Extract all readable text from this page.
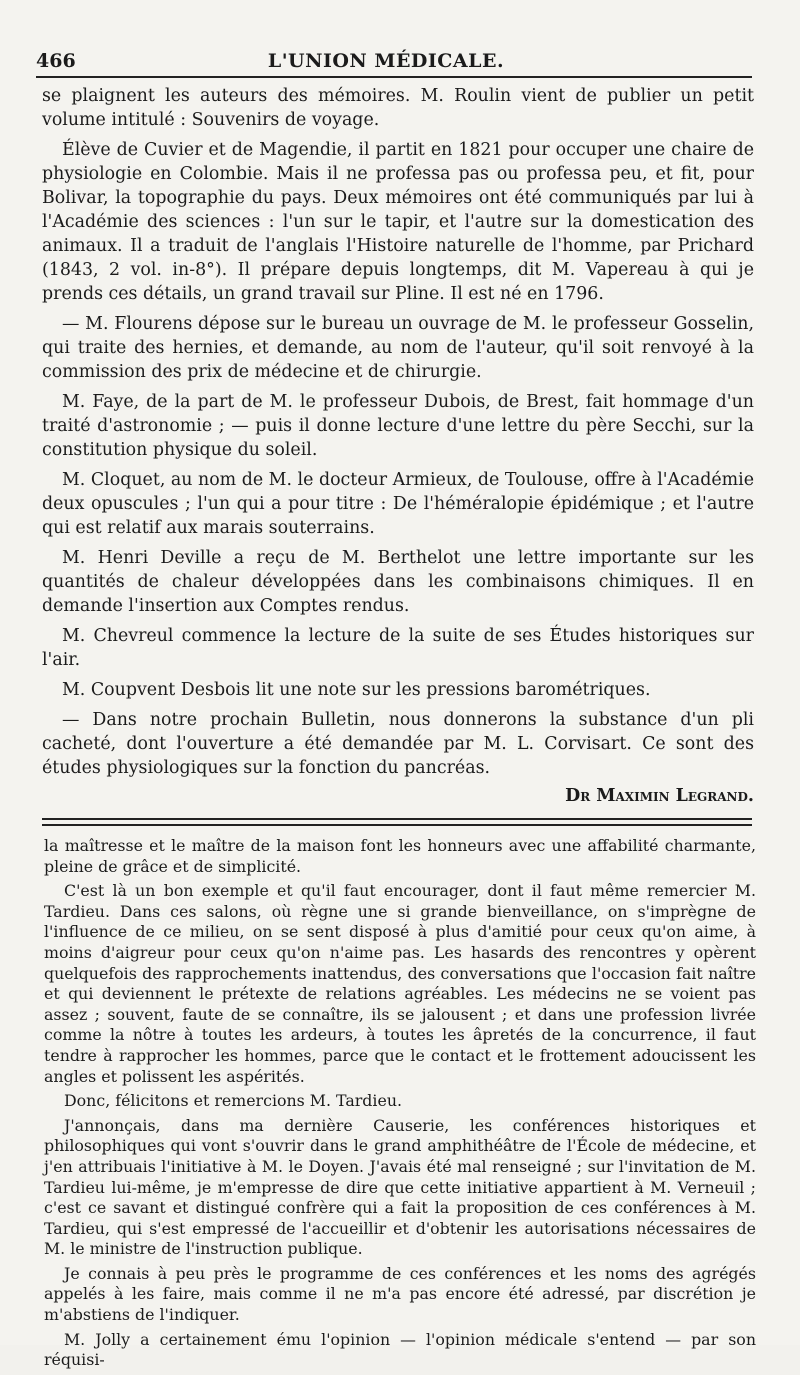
466	L'UNION MÉDICALE.

se plaignent les auteurs des mémoires. M. Roulin vient de publier un petit volume intitulé : Souvenirs de voyage.

Élève de Cuvier et de Magendie, il partit en 1821 pour occuper une chaire de physiologie en Colombie. Mais il ne professa pas ou professa peu, et fit, pour Bolivar, la topographie du pays. Deux mémoires ont été communiqués par lui à l'Académie des sciences : l'un sur le tapir, et l'autre sur la domestication des animaux. Il a traduit de l'anglais l'Histoire naturelle de l'homme, par Prichard (1843, 2 vol. in-8°). Il prépare depuis longtemps, dit M. Vapereau à qui je prends ces détails, un grand travail sur Pline. Il est né en 1796.

— M. Flourens dépose sur le bureau un ouvrage de M. le professeur Gosselin, qui traite des hernies, et demande, au nom de l'auteur, qu'il soit renvoyé à la commission des prix de médecine et de chirurgie.

M. Faye, de la part de M. le professeur Dubois, de Brest, fait hommage d'un traité d'astronomie ; — puis il donne lecture d'une lettre du père Secchi, sur la constitution physique du soleil.

M. Cloquet, au nom de M. le docteur Armieux, de Toulouse, offre à l'Académie deux opuscules ; l'un qui a pour titre : De l'héméralopie épidémique ; et l'autre qui est relatif aux marais souterrains.

M. Henri Deville a reçu de M. Berthelot une lettre importante sur les quantités de chaleur développées dans les combinaisons chimiques. Il en demande l'insertion aux Comptes rendus.

M. Chevreul commence la lecture de la suite de ses Études historiques sur l'air.

M. Coupvent Desbois lit une note sur les pressions barométriques.

— Dans notre prochain Bulletin, nous donnerons la substance d'un pli cacheté, dont l'ouverture a été demandée par M. L. Corvisart. Ce sont des études physiologiques sur la fonction du pancréas.

Dr Maximin Legrand.

la maîtresse et le maître de la maison font les honneurs avec une affabilité charmante, pleine de grâce et de simplicité.

C'est là un bon exemple et qu'il faut encourager, dont il faut même remercier M. Tardieu. Dans ces salons, où règne une si grande bienveillance, on s'imprègne de l'influence de ce milieu, on se sent disposé à plus d'amitié pour ceux qu'on aime, à moins d'aigreur pour ceux qu'on n'aime pas. Les hasards des rencontres y opèrent quelquefois des rapprochements inattendus, des conversations que l'occasion fait naître et qui deviennent le prétexte de relations agréables. Les médecins ne se voient pas assez ; souvent, faute de se connaître, ils se jalousent ; et dans une profession livrée comme la nôtre à toutes les ardeurs, à toutes les âpretés de la concurrence, il faut tendre à rapprocher les hommes, parce que le contact et le frottement adoucissent les angles et polissent les aspérités.

Donc, félicitons et remercions M. Tardieu.

J'annonçais, dans ma dernière Causerie, les conférences historiques et philosophiques qui vont s'ouvrir dans le grand amphithéâtre de l'École de médecine, et j'en attribuais l'initiative à M. le Doyen. J'avais été mal renseigné ; sur l'invitation de M. Tardieu lui-même, je m'empresse de dire que cette initiative appartient à M. Verneuil ; c'est ce savant et distingué confrère qui a fait la proposition de ces conférences à M. Tardieu, qui s'est empressé de l'accueillir et d'obtenir les autorisations nécessaires de M. le ministre de l'instruction publique.

Je connais à peu près le programme de ces conférences et les noms des agrégés appelés à les faire, mais comme il ne m'a pas encore été adressé, par discrétion je m'abstiens de l'indiquer.

M. Jolly a certainement ému l'opinion — l'opinion médicale s'entend — par son réquisi-
